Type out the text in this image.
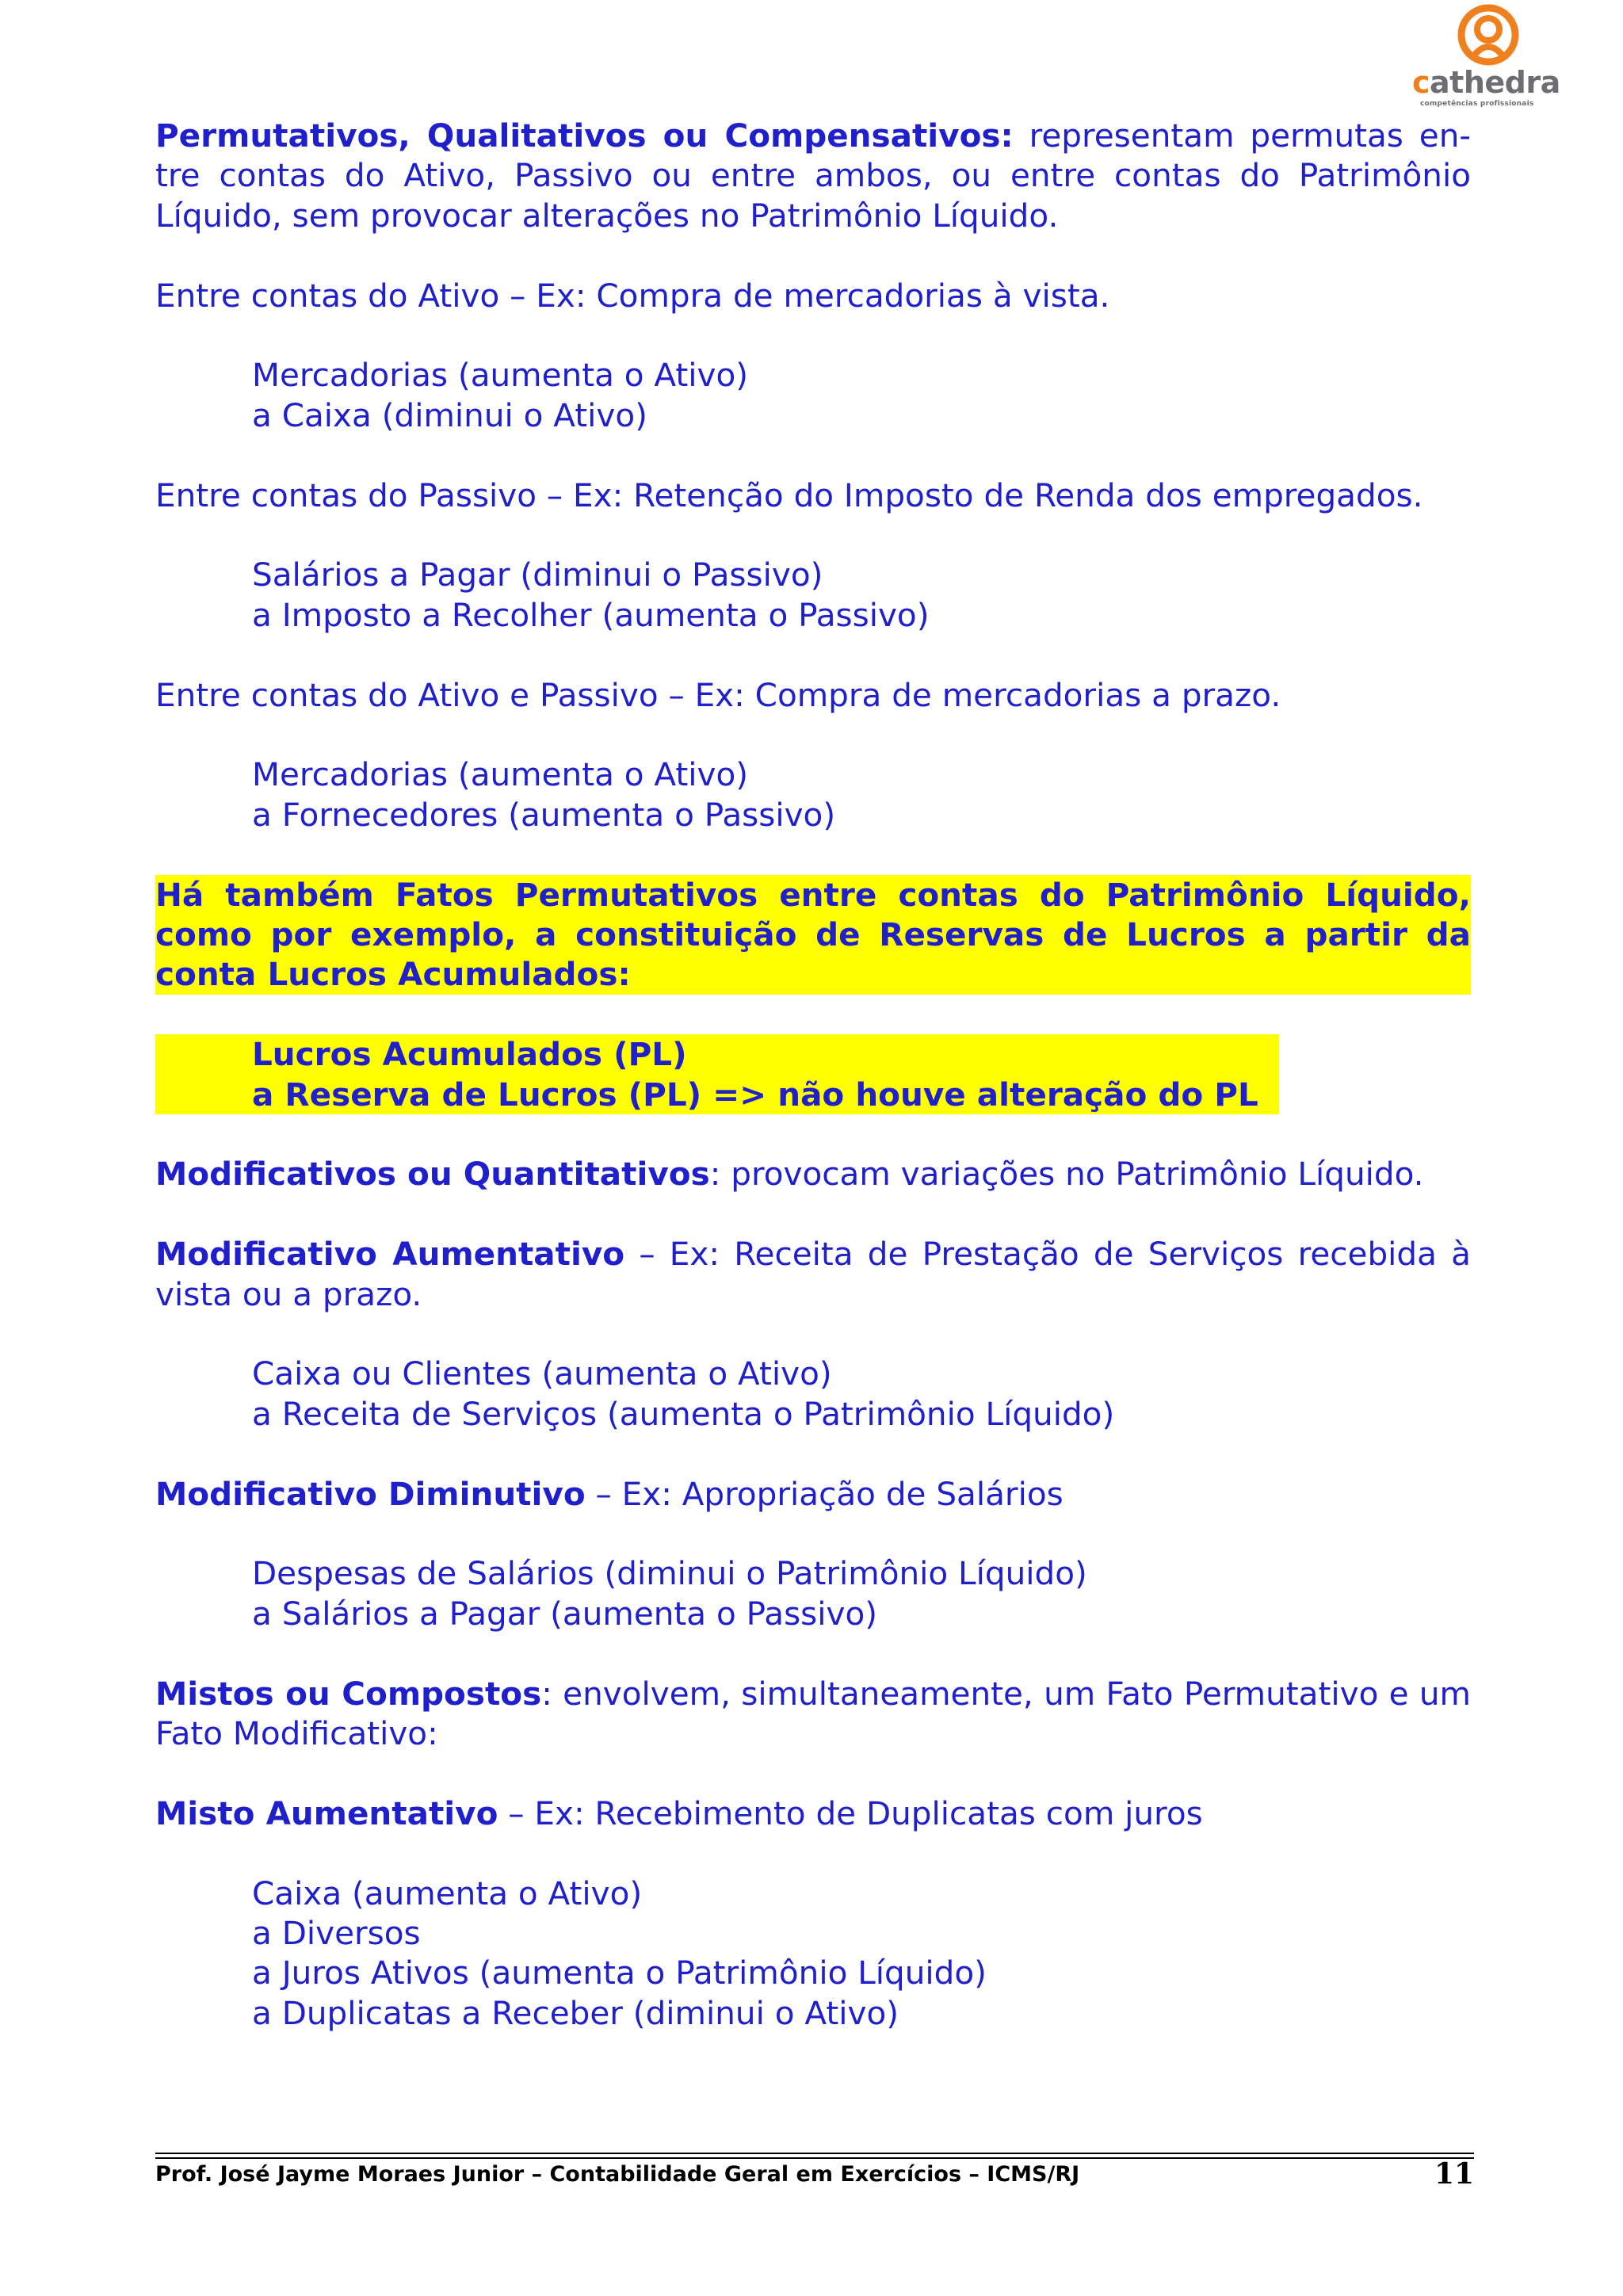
cathedra
competências profissionais

Permutativos, Qualitativos ou Compensativos: representam permutas en-tre contas do Ativo, Passivo ou entre ambos, ou entre contas do Patrimônio Líquido, sem provocar alterações no Patrimônio Líquido.

Entre contas do Ativo – Ex: Compra de mercadorias à vista.

Mercadorias (aumenta o Ativo)
a Caixa (diminui o Ativo)

Entre contas do Passivo – Ex: Retenção do Imposto de Renda dos empregados.

Salários a Pagar (diminui o Passivo)
a Imposto a Recolher (aumenta o Passivo)

Entre contas do Ativo e Passivo – Ex: Compra de mercadorias a prazo.

Mercadorias (aumenta o Ativo)
a Fornecedores (aumenta o Passivo)

Há também Fatos Permutativos entre contas do Patrimônio Líquido, como por exemplo, a constituição de Reservas de Lucros a partir da conta Lucros Acumulados:

Lucros Acumulados (PL)
a Reserva de Lucros (PL) => não houve alteração do PL

Modificativos ou Quantitativos: provocam variações no Patrimônio Líquido.

Modificativo Aumentativo – Ex: Receita de Prestação de Serviços recebida à vista ou a prazo.

Caixa ou Clientes (aumenta o Ativo)
a Receita de Serviços (aumenta o Patrimônio Líquido)

Modificativo Diminutivo – Ex: Apropriação de Salários

Despesas de Salários (diminui o Patrimônio Líquido)
a Salários a Pagar (aumenta o Passivo)

Mistos ou Compostos: envolvem, simultaneamente, um Fato Permutativo e um Fato Modificativo:

Misto Aumentativo – Ex: Recebimento de Duplicatas com juros

Caixa (aumenta o Ativo)
a Diversos
a Juros Ativos (aumenta o Patrimônio Líquido)
a Duplicatas a Receber (diminui o Ativo)
Prof. José Jayme Moraes Junior – Contabilidade Geral em Exercícios – ICMS/RJ	11
